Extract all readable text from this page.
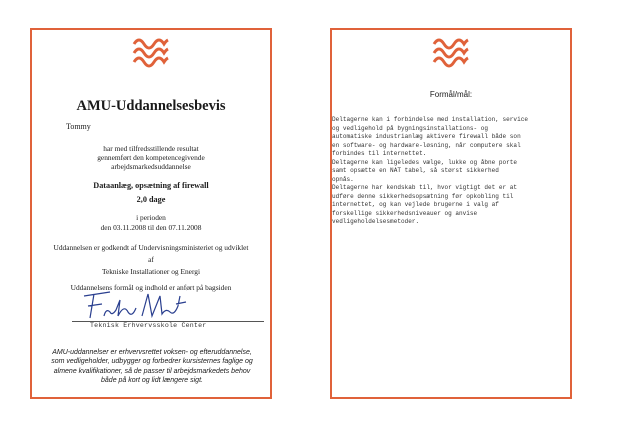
AMU-Uddannelsesbevis
Tommy
har med tilfredsstillende resultat
gennemført den kompetencegivende
arbejdsmarkedsuddannelse
Dataanlæg, opsætning af firewall
2,0 dage
i perioden
den 03.11.2008 til den 07.11.2008
Uddannelsen er godkendt af Undervisningsministeriet og udviklet
af
Tekniske Installationer og Energi
Uddannelsens formål og indhold er anført på bagsiden
Teknisk Erhvervsskole Center
AMU-uddannelser er erhvervsrettet voksen- og efteruddannelse,
som vedligeholder, udbygger og forbedrer kursisternes faglige og
almene kvalifikationer, så de passer til arbejdsmarkedets behov
både på kort og lidt længere sigt.
Formål/mål:

Deltagerne kan i forbindelse med installation, service

og vedligehold på bygningsinstallations- og

automatiske industrianlæg aktivere firewall både son

en software- og hardware-løsning, når computere skal

forbindes til internettet.

Deltagerne kan ligeledes vælge, lukke og åbne porte

samt opsætte en NAT tabel, så størst sikkerhed

opnås.

Deltagerne har kendskab til, hvor vigtigt det er at

udføre denne sikkerhedsopsætning før opkobling til

internettet, og kan vejlede brugerne i valg af

forskellige sikkerhedsniveauer og anvise

vedligeholdelsesmetoder.
